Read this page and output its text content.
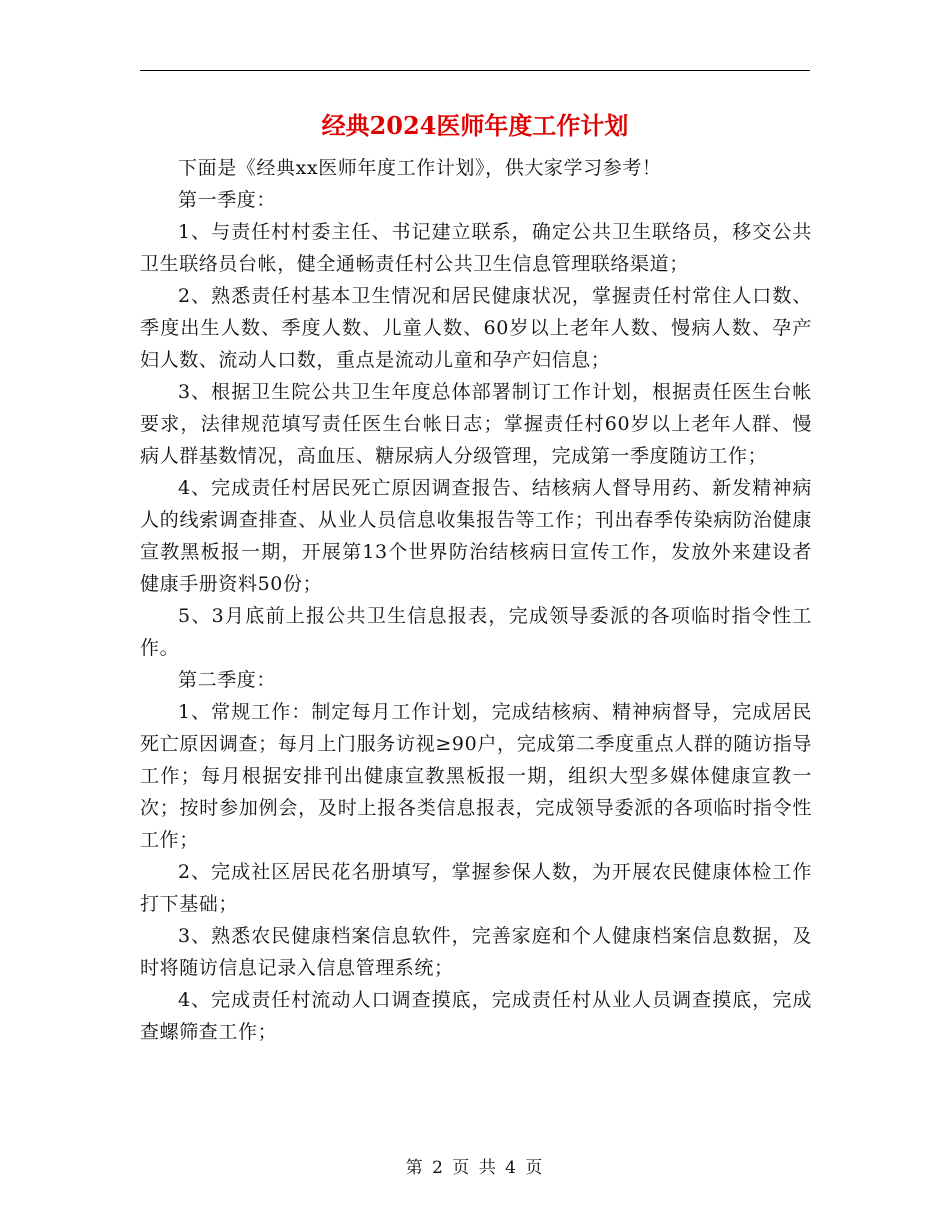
经典2024医师年度工作计划

下面是《经典xx医师年度工作计划》，供大家学习参考！

第一季度：

1、与责任村村委主任、书记建立联系，确定公共卫生联络员，移交公共卫生联络员台帐，健全通畅责任村公共卫生信息管理联络渠道；

2、熟悉责任村基本卫生情况和居民健康状况，掌握责任村常住人口数、季度出生人数、季度人数、儿童人数、60岁以上老年人数、慢病人数、孕产妇人数、流动人口数，重点是流动儿童和孕产妇信息；

3、根据卫生院公共卫生年度总体部署制订工作计划，根据责任医生台帐要求，法律规范填写责任医生台帐日志；掌握责任村60岁以上老年人群、慢病人群基数情况，高血压、糖尿病人分级管理，完成第一季度随访工作；

4、完成责任村居民死亡原因调查报告、结核病人督导用药、新发精神病人的线索调查排查、从业人员信息收集报告等工作；刊出春季传染病防治健康宣教黑板报一期，开展第13个世界防治结核病日宣传工作，发放外来建设者健康手册资料50份；

5、3月底前上报公共卫生信息报表，完成领导委派的各项临时指令性工作。

第二季度：

1、常规工作：制定每月工作计划，完成结核病、精神病督导，完成居民死亡原因调查；每月上门服务访视≥90户，完成第二季度重点人群的随访指导工作；每月根据安排刊出健康宣教黑板报一期，组织大型多媒体健康宣教一次；按时参加例会，及时上报各类信息报表，完成领导委派的各项临时指令性工作；

2、完成社区居民花名册填写，掌握参保人数，为开展农民健康体检工作打下基础；

3、熟悉农民健康档案信息软件，完善家庭和个人健康档案信息数据，及时将随访信息记录入信息管理系统；

4、完成责任村流动人口调查摸底，完成责任村从业人员调查摸底，完成查螺筛查工作；

第 2 页 共 4 页
